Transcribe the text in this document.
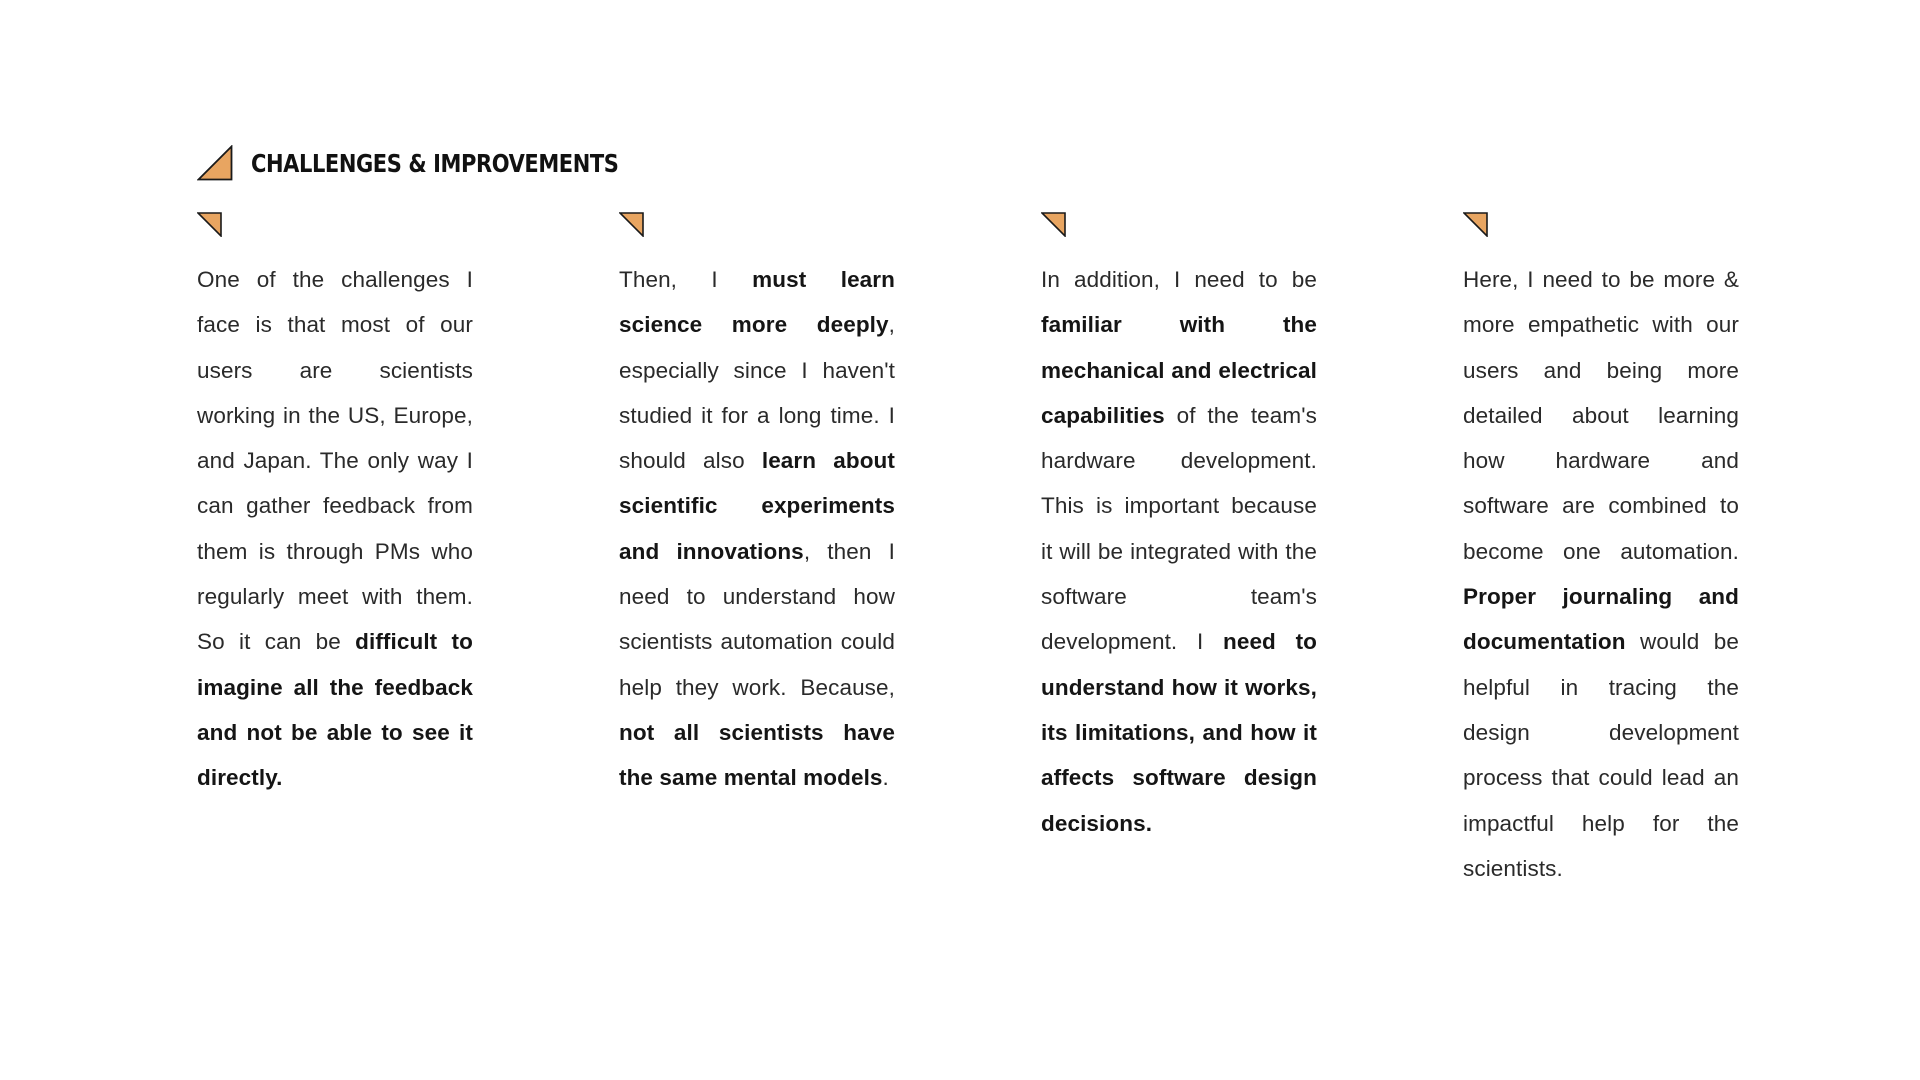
CHALLENGES & IMPROVEMENTS
One of the challenges I face is that most of our users are scientists working in the US, Europe, and Japan. The only way I can gather feedback from them is through PMs who regularly meet with them. So it can be difficult to imagine all the feedback and not be able to see it directly.
Then, I must learn science more deeply, especially since I haven't studied it for a long time. I should also learn about scientific experiments and innovations, then I need to understand how scientists automation could help they work. Because, not all scientists have the same mental models.
In addition, I need to be familiar with the mechanical and electrical capabilities of the team's hardware development. This is important because it will be integrated with the software team's development. I need to understand how it works, its limitations, and how it affects software design decisions.
Here, I need to be more & more empathetic with our users and being more detailed about learning how hardware and software are combined to become one automation. Proper journaling and documentation would be helpful in tracing the design development process that could lead an impactful help for the scientists.
